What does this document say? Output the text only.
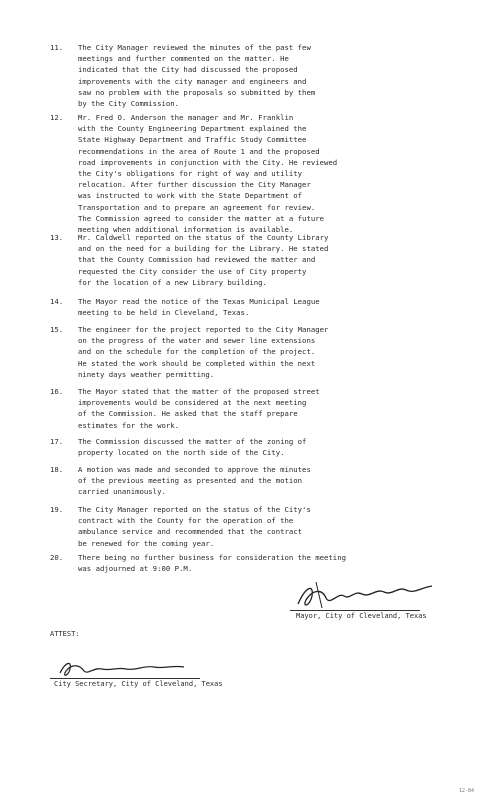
11.	The City Manager reviewed the minutes of the past few
meetings and further commented on the matter. He
indicated that the City had discussed the proposed
improvements with the city manager and engineers and
saw no problem with the proposals so submitted by them
by the City Commission.
12.	Mr. Fred O. Anderson the manager and Mr. Franklin
with the County Engineering Department explained the
State Highway Department and Traffic Study Committee
recommendations in the area of Route 1 and the proposed
road improvements in conjunction with the City. He reviewed
the City's obligations for right of way and utility
relocation. After further discussion the City Manager
was instructed to work with the State Department of
Transportation and to prepare an agreement for review.
The Commission agreed to consider the matter at a future
meeting when additional information is available.
13.	Mr. Caldwell reported on the status of the County Library
and on the need for a building for the Library. He stated
that the County Commission had reviewed the matter and
requested the City consider the use of City property
for the location of a new Library building.
14.	The Mayor read the notice of the Texas Municipal League
meeting to be held in Cleveland, Texas.
15.	The engineer for the project reported to the City Manager
on the progress of the water and sewer line extensions
and on the schedule for the completion of the project.
He stated the work should be completed within the next
ninety days weather permitting.
16.	The Mayor stated that the matter of the proposed street
improvements would be considered at the next meeting
of the Commission. He asked that the staff prepare
estimates for the work.
17.	The Commission discussed the matter of the zoning of
property located on the north side of the City.
18.	A motion was made and seconded to approve the minutes
of the previous meeting as presented and the motion
carried unanimously.
19.	The City Manager reported on the status of the City's
contract with the County for the operation of the
ambulance service and recommended that the contract
be renewed for the coming year.
20.	There being no further business for consideration the meeting
was adjourned at 9:00 P.M.
Mayor, City of Cleveland, Texas
ATTEST:
City Secretary, City of Cleveland, Texas
12-84
